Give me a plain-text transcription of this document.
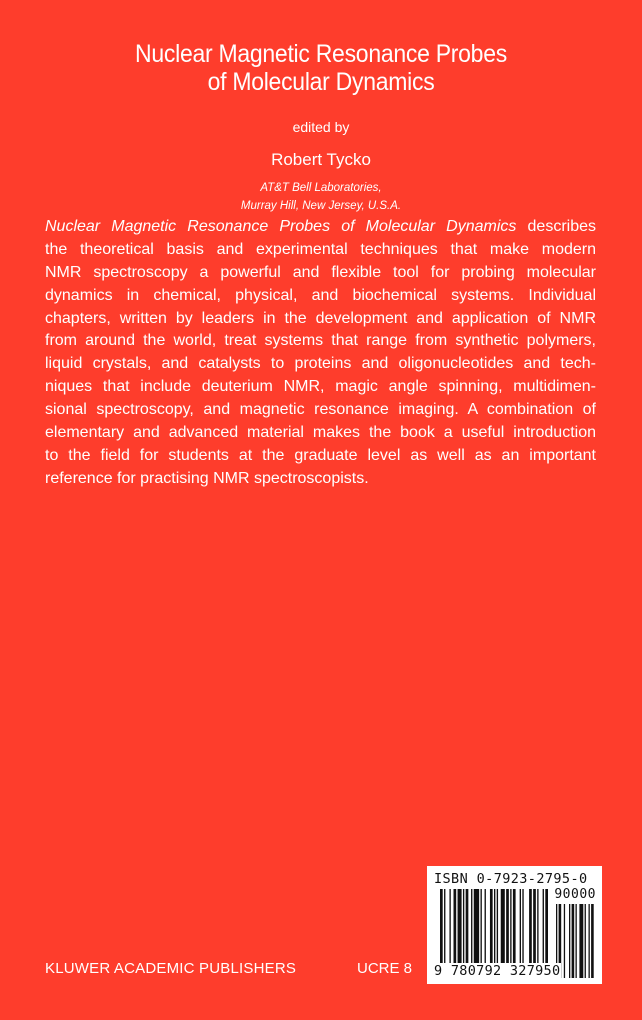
Nuclear Magnetic Resonance Probes
of Molecular Dynamics
edited by
Robert Tycko
AT&T Bell Laboratories,
Murray Hill, New Jersey, U.S.A.
Nuclear Magnetic Resonance Probes of Molecular Dynamics describes
the theoretical basis and experimental techniques that make modern
NMR spectroscopy a powerful and flexible tool for probing molecular
dynamics in chemical, physical, and biochemical systems. Individual
chapters, written by leaders in the development and application of NMR
from around the world, treat systems that range from synthetic polymers,
liquid crystals, and catalysts to proteins and oligonucleotides and tech-
niques that include deuterium NMR, magic angle spinning, multidimen-
sional spectroscopy, and magnetic resonance imaging. A combination of
elementary and advanced material makes the book a useful introduction
to the field for students at the graduate level as well as an important
reference for practising NMR spectroscopists.
KLUWER ACADEMIC PUBLISHERS	UCRE 8
ISBN 0-7923-2795-0
90000
9 780792 327950
